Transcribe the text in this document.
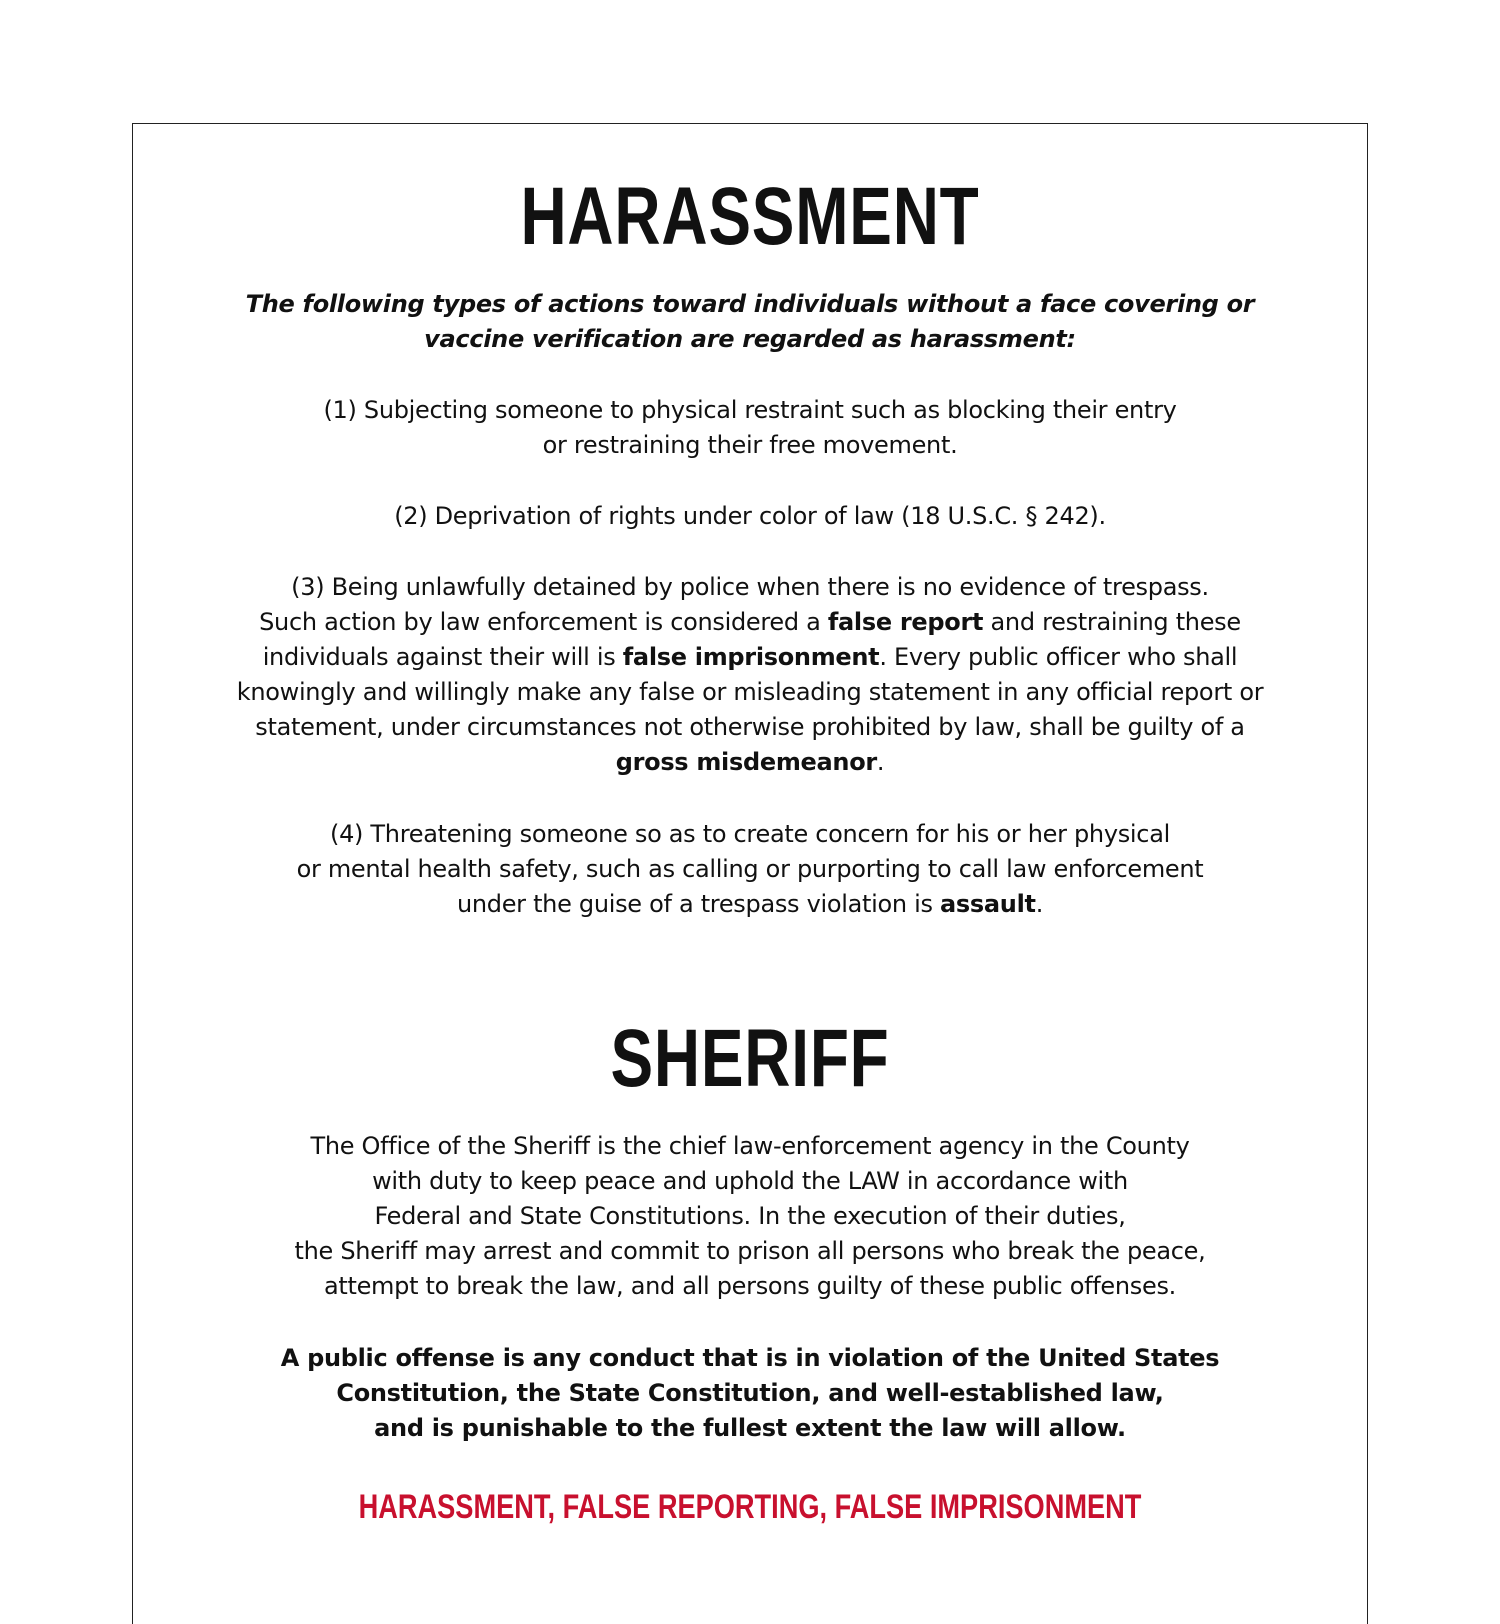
HARASSMENT
The following types of actions toward individuals without a face covering or
vaccine verification are regarded as harassment:
(1) Subjecting someone to physical restraint such as blocking their entry
or restraining their free movement.
(2) Deprivation of rights under color of law (18 U.S.C. § 242).
(3) Being unlawfully detained by police when there is no evidence of trespass.
Such action by law enforcement is considered a false report and restraining these
individuals against their will is false imprisonment. Every public officer who shall
knowingly and willingly make any false or misleading statement in any official report or
statement, under circumstances not otherwise prohibited by law, shall be guilty of a
gross misdemeanor.
(4) Threatening someone so as to create concern for his or her physical
or mental health safety, such as calling or purporting to call law enforcement
under the guise of a trespass violation is assault.
SHERIFF
The Office of the Sheriff is the chief law-enforcement agency in the County
with duty to keep peace and uphold the LAW in accordance with
Federal and State Constitutions. In the execution of their duties,
the Sheriff may arrest and commit to prison all persons who break the peace,
attempt to break the law, and all persons guilty of these public offenses.
A public offense is any conduct that is in violation of the United States
Constitution, the State Constitution, and well-established law,
and is punishable to the fullest extent the law will allow.
HARASSMENT, FALSE REPORTING, FALSE IMPRISONMENT
